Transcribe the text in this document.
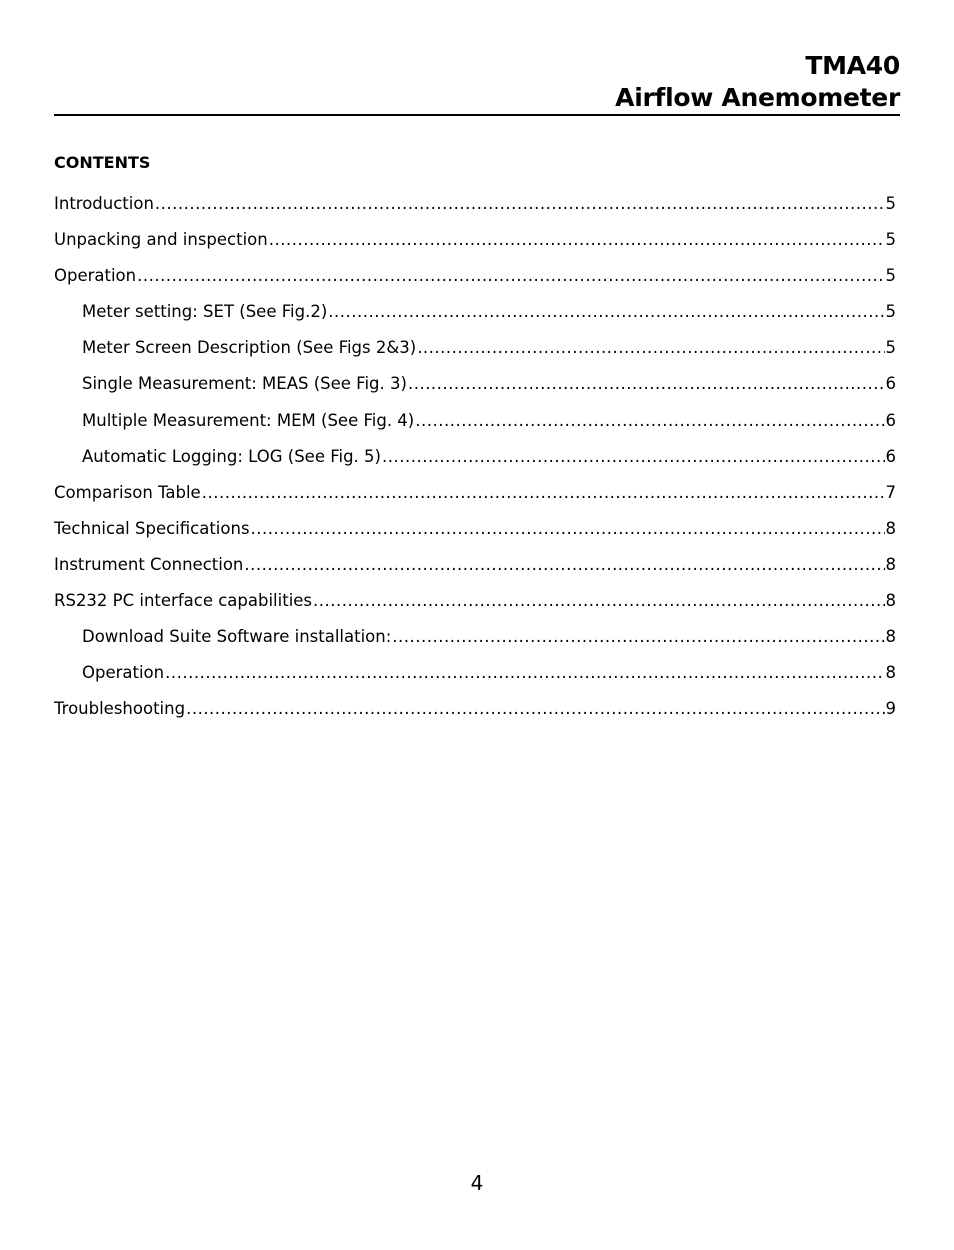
TMA40
Airflow Anemometer
CONTENTS
Introduction .....	5
Unpacking and inspection .....	5
Operation .....	5
Meter setting: SET (See Fig.2) .....	5
Meter Screen Description (See Figs 2&3) .....	5
Single Measurement: MEAS (See Fig. 3) .....	6
Multiple Measurement: MEM (See Fig. 4) .....	6
Automatic Logging: LOG (See Fig. 5) .....	6
Comparison Table .....	7
Technical Specifications .....	8
Instrument Connection .....	8
RS232 PC interface capabilities .....	8
Download Suite Software installation: .....	8
Operation .....	8
Troubleshooting .....	9
4
